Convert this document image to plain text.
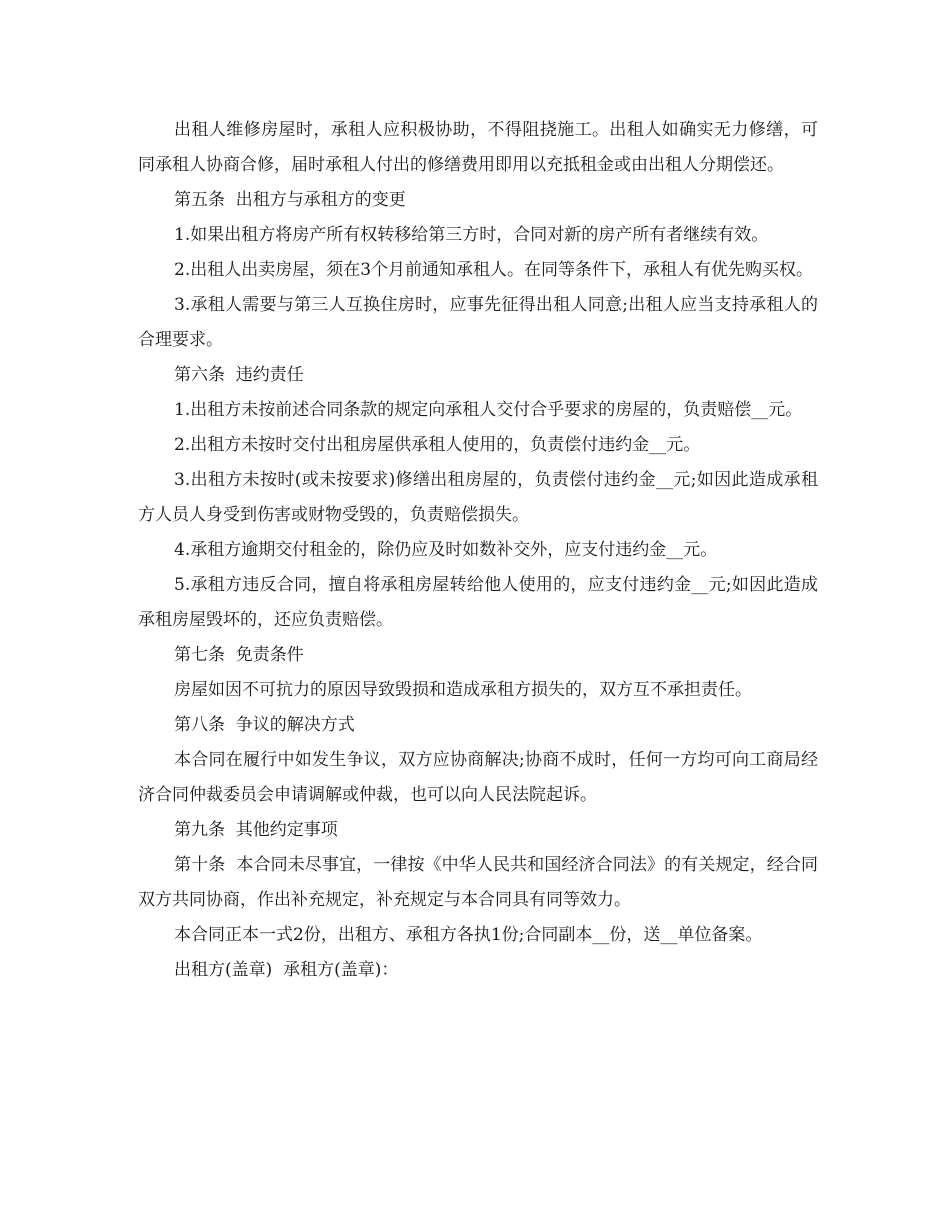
出租人维修房屋时，承租人应积极协助，不得阻挠施工。出租人如确实无力修缮，可同承租人协商合修，届时承租人付出的修缮费用即用以充抵租金或由出租人分期偿还。

第五条  出租方与承租方的变更

1.如果出租方将房产所有权转移给第三方时，合同对新的房产所有者继续有效。

2.出租人出卖房屋，须在3个月前通知承租人。在同等条件下，承租人有优先购买权。

3.承租人需要与第三人互换住房时，应事先征得出租人同意;出租人应当支持承租人的合理要求。

第六条  违约责任

1.出租方未按前述合同条款的规定向承租人交付合乎要求的房屋的，负责赔偿__元。

2.出租方未按时交付出租房屋供承租人使用的，负责偿付违约金__元。

3.出租方未按时(或未按要求)修缮出租房屋的，负责偿付违约金__元;如因此造成承租方人员人身受到伤害或财物受毁的，负责赔偿损失。

4.承租方逾期交付租金的，除仍应及时如数补交外，应支付违约金__元。

5.承租方违反合同，擅自将承租房屋转给他人使用的，应支付违约金__元;如因此造成承租房屋毁坏的，还应负责赔偿。

第七条  免责条件

房屋如因不可抗力的原因导致毁损和造成承租方损失的，双方互不承担责任。

第八条  争议的解决方式

本合同在履行中如发生争议，双方应协商解决;协商不成时，任何一方均可向工商局经济合同仲裁委员会申请调解或仲裁，也可以向人民法院起诉。

第九条  其他约定事项

第十条  本合同未尽事宜，一律按《中华人民共和国经济合同法》的有关规定，经合同双方共同协商，作出补充规定，补充规定与本合同具有同等效力。

本合同正本一式2份，出租方、承租方各执1份;合同副本__份，送__单位备案。

出租方(盖章)  承租方(盖章)：
